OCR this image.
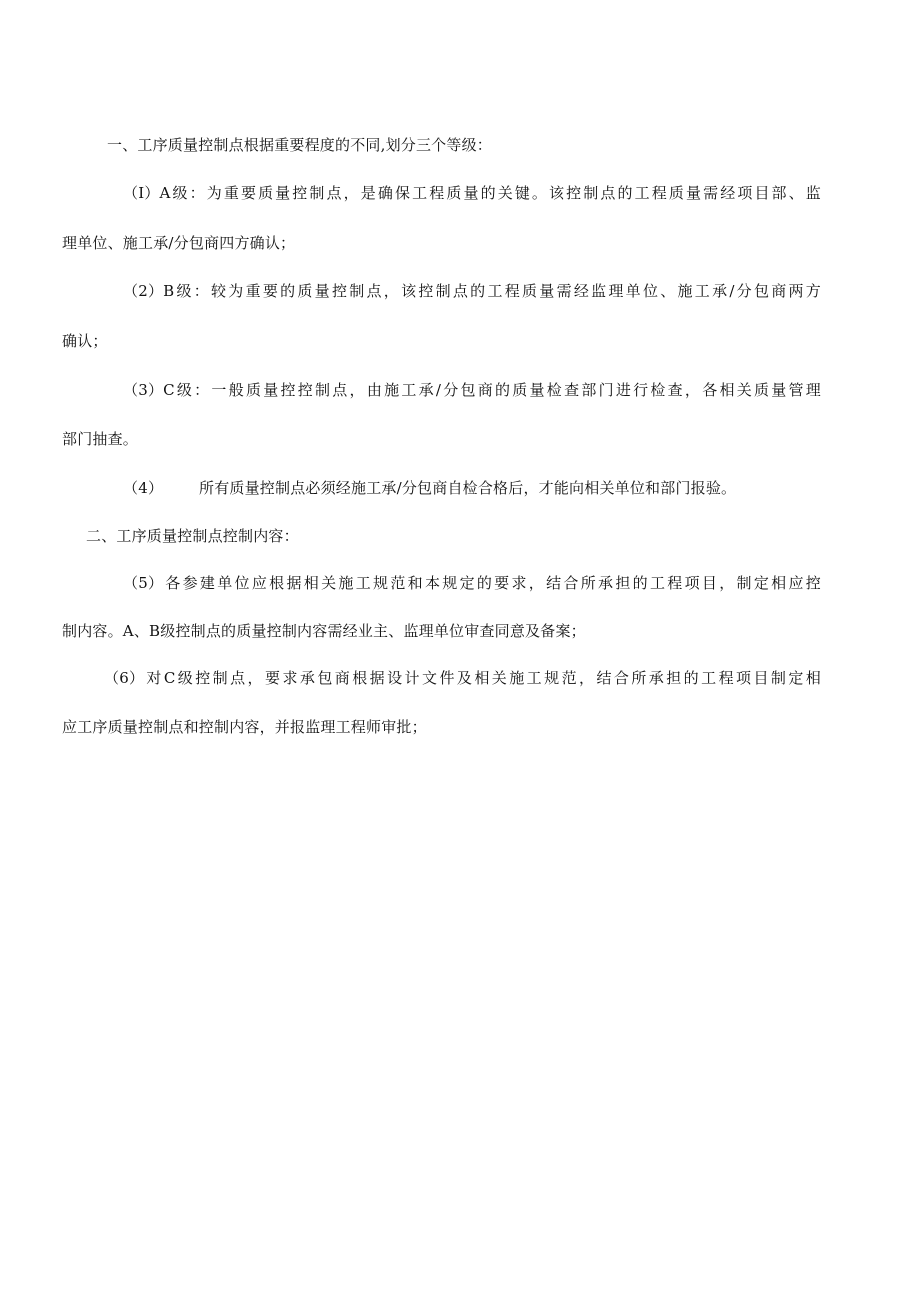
一、工序质量控制点根据重要程度的不同,划分三个等级：
（I）A级：为重要质量控制点，是确保工程质量的关键。该控制点的工程质量需经项目部、监
理单位、施工承/分包商四方确认；
（2）B级：较为重要的质量控制点，该控制点的工程质量需经监理单位、施工承/分包商两方
确认；
（3）C级：一般质量控控制点，由施工承/分包商的质量检查部门进行检查，各相关质量管理
部门抽查。
（4） 所有质量控制点必须经施工承/分包商自检合格后，才能向相关单位和部门报验。
二、工序质量控制点控制内容：
（5）各参建单位应根据相关施工规范和本规定的要求，结合所承担的工程项目，制定相应控
制内容。A、B级控制点的质量控制内容需经业主、监理单位审查同意及备案；
（6）对C级控制点，要求承包商根据设计文件及相关施工规范，结合所承担的工程项目制定相
应工序质量控制点和控制内容，并报监理工程师审批；
